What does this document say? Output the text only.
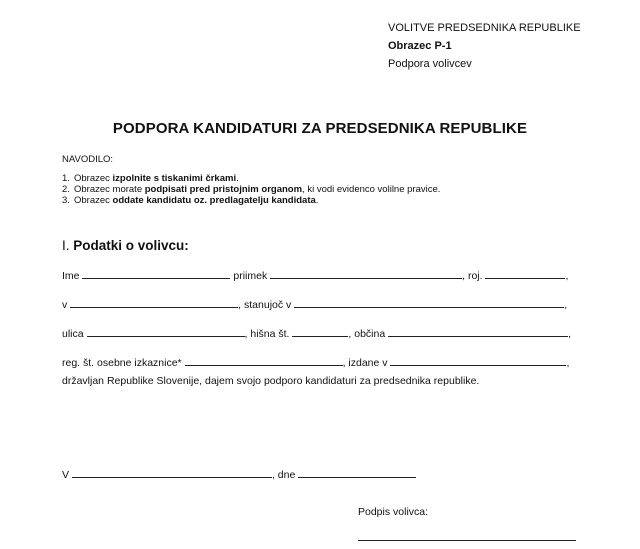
VOLITVE PREDSEDNIKA REPUBLIKE
Obrazec P-1
Podpora volivcev
PODPORA KANDIDATURI ZA PREDSEDNIKA REPUBLIKE
NAVODILO:
1. Obrazec izpolnite s tiskanimi črkami.
2. Obrazec morate podpisati pred pristojnim organom, ki vodi evidenco volilne pravice.
3. Obrazec oddate kandidatu oz. predlagatelju kandidata.
I. Podatki o volivcu:
Ime	priimek	, roj.	,
v	, stanujoč v	,
ulica	, hišna št.	, občina	,
reg. št. osebne izkaznice*	, izdane v	,
državljan Republike Slovenije, dajem svojo podporo kandidaturi za predsednika republike.
V	, dne
Podpis volivca:
